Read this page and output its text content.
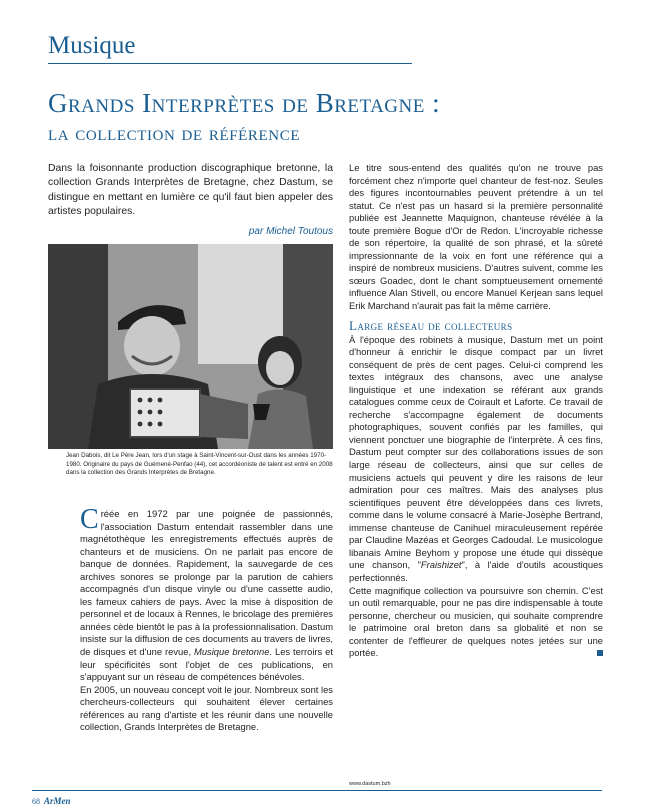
Musique
Grands Interprètes de Bretagne :
la collection de référence

Dans la foisonnante production discographique bretonne, la collection Grands Interprètes de Bretagne, chez Dastum, se distingue en mettant en lumière ce qu'il faut bien appeler des artistes populaires.

par Michel Toutous

Jean Dabois, dit Le Père Jean, lors d'un stage à Saint-Vincent-sur-Oust dans les années 1970-1980. Originaire du pays de Guémené-Penfao (44), cet accordéoniste de talent est entré en 2008 dans la collection des Grands Interprètes de Bretagne.

Créée en 1972 par une poignée de passionnés, l'association Dastum entendait rassembler dans une magnétothèque les enregistrements effectués auprès de chanteurs et de musiciens. On ne parlait pas encore de banque de données. Rapidement, la sauvegarde de ces archives sonores se prolonge par la parution de cahiers accompagnés d'un disque vinyle ou d'une cassette audio, les fameux cahiers de pays. Avec la mise à disposition de personnel et de locaux à Rennes, le bricolage des premières années cède bientôt le pas à la professionnalisation. Dastum insiste sur la diffusion de ces documents au travers de livres, de disques et d'une revue, Musique bretonne. Les terroirs et leur spécificités sont l'objet de ces publications, en s'appuyant sur un réseau de compétences bénévoles.

En 2005, un nouveau concept voit le jour. Nombreux sont les chercheurs-collecteurs qui souhaitent élever certaines références au rang d'artiste et les réunir dans une nouvelle collection, Grands Interprètes de Bretagne.

Le titre sous-entend des qualités qu'on ne trouve pas forcément chez n'importe quel chanteur de fest-noz. Seules des figures incontournables peuvent prétendre à un tel statut. Ce n'est pas un hasard si la première personnalité publiée est Jeannette Maquignon, chanteuse révélée à la toute première Bogue d'Or de Redon. L'incroyable richesse de son répertoire, la qualité de son phrasé, et la sûreté impressionnante de la voix en font une référence qui a inspiré de nombreux musiciens. D'autres suivent, comme les sœurs Goadec, dont le chant somptueusement ornementé influence Alan Stivell, ou encore Manuel Kerjean sans lequel Erik Marchand n'aurait pas fait la même carrière.

Large réseau de collecteurs

À l'époque des robinets à musique, Dastum met un point d'honneur à enrichir le disque compact par un livret conséquent de près de cent pages. Celui-ci comprend les textes intégraux des chansons, avec une analyse linguistique et une indexation se référant aux grands catalogues comme ceux de Coirault et Laforte. Ce travail de recherche s'accompagne également de documents photographiques, souvent confiés par les familles, qui viennent ponctuer une biographie de l'interprète. À ces fins, Dastum peut compter sur des collaborations issues de son large réseau de collecteurs, ainsi que sur celles de musiciens actuels qui peuvent y dire les raisons de leur admiration pour ces maîtres. Mais des analyses plus scientifiques peuvent être développées dans ces livrets, comme dans le volume consacré à Marie-Josèphe Bertrand, immense chanteuse de Canihuel miraculeusement repérée par Claudine Mazéas et Georges Cadoudal. Le musicologue libanais Amine Beyhom y propose une étude qui dissèque une chanson, "Fraishizet", à l'aide d'outils acoustiques perfectionnés.

Cette magnifique collection va poursuivre son chemin. C'est un outil remarquable, pour ne pas dire indispensable à toute personne, chercheur ou musicien, qui souhaite comprendre le patrimoine oral breton dans sa globalité et non se contenter de l'effleurer de quelques notes jetées sur une portée.

www.dastum.bzh
68 ArMen
